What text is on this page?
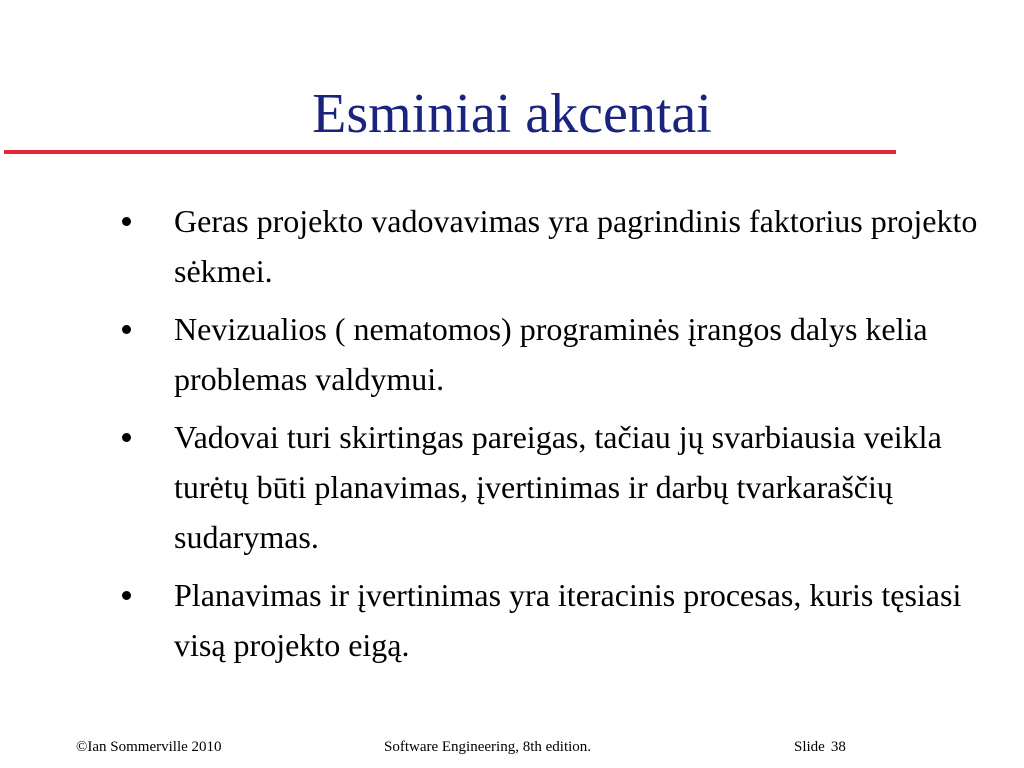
Esminiai akcentai
Geras projekto vadovavimas yra pagrindinis faktorius projekto sėkmei.
Nevizualios ( nematomos) programinės įrangos dalys kelia problemas valdymui.
Vadovai turi skirtingas pareigas, tačiau jų svarbiausia veikla turėtų būti planavimas, įvertinimas ir darbų tvarkaraščių sudarymas.
Planavimas ir įvertinimas yra iteracinis procesas, kuris tęsiasi visą projekto eigą.
©Ian Sommerville 2010	Software Engineering, 8th edition.	Slide 38
